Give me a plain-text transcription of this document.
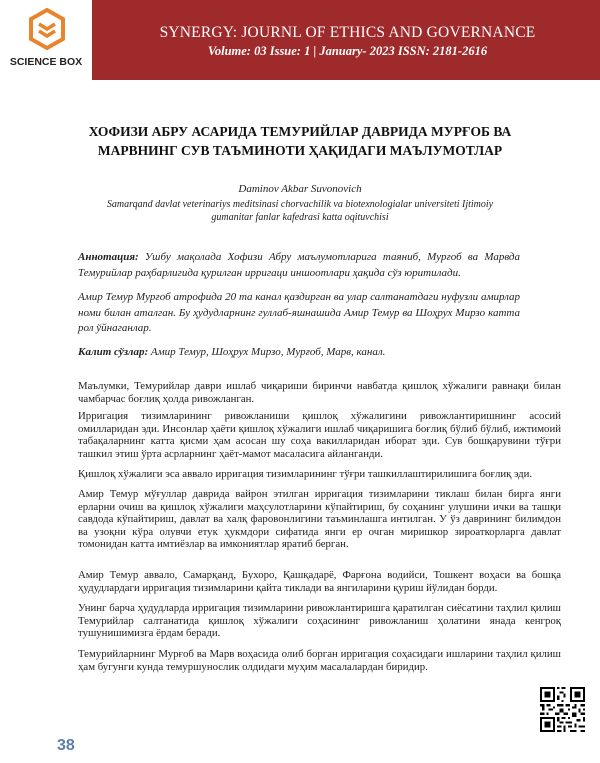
SCIENCE BOX
SYNERGY: JOURNL OF ETHICS AND GOVERNANCE
Volume: 03 Issue: 1 | January- 2023 ISSN: 2181-2616
ХОФИЗИ АБРУ АСАРИДА ТЕМУРИЙЛАР ДАВРИДА МУРҒОБ ВА
МАРВНИНГ СУВ ТАЪМИНОТИ ҲАҚИДАГИ МАЪЛУМОТЛАР
Daminov Akbar Suvonovich
Samarqand davlat veterinariys meditsinasi chorvachilik va biotexnologialar universiteti Ijtimoiy
gumanitar fanlar kafedrasi katta oqituvchisi

Аннотация: Ушбу мақолада Хофизи Абру маълумотларига таяниб, Мурғоб ва Марвда Темурийлар раҳбарлигида қурилган ирригаци иншоотлари ҳақида сўз юритилади.

Амир Темур Мурғоб атрофида 20 та канал қаздирган ва улар салтанатдаги нуфузли амирлар номи билан аталган. Бу ҳудудларнинг гуллаб-яшнашида Амир Темур ва Шоҳрух Мирзо катта рол ўйнаганлар.

Калит сўзлар: Амир Темур, Шоҳрух Мирзо, Мурғоб, Марв, канал.

Маълумки, Темурийлар даври ишлаб чиқариши биринчи навбатда қишлоқ хўжалиги равнақи билан чамбарчас боғлиқ ҳолда ривожланган.

Ирригация тизимларининг ривожланиши қишлоқ хўжалигини ривожлантиришнинг асосий омилларидан эди. Инсонлар ҳаёти қишлоқ хўжалиги ишлаб чиқаришига боғлиқ бўлиб бўлиб, ижтимоий табақаларнинг катта қисми ҳам асосан шу соҳа вакилларидан иборат эди. Сув бошқарувини тўғри ташкил этиш ўрта асрларнинг ҳаёт-мамот масаласига айланганди.

Қишлоқ хўжалиги эса аввало ирригация тизимларининг тўғри ташкиллаштирилишига боғлиқ эди.

Амир Темур мўғуллар даврида вайрон этилган ирригация тизимларини тиклаш билан бирга янги ерларни очиш ва қишлоқ хўжалиги маҳсулотларини кўпайтириш, бу соҳанинг улушини ички ва ташқи савдода кўпайтириш, давлат ва халқ фаровонлигини таъминлашга интилган. У ўз даврининг билимдон ва узоқни кўра олувчи етук ҳукмдори сифатида янги ер очган миришкор зироаткорларга давлат томонидан катта имтиёзлар ва имкониятлар яратиб берган.

Амир Темур аввало, Самарқанд, Бухоро, Қашқадарё, Фарғона водийси, Тошкент воҳаси ва бошқа ҳудудлардаги ирригация тизимларини қайта тиклади ва янгиларини қуриш йўлидан борди.

Унинг барча ҳудудларда ирригация тизимларини ривожлантиришга қаратилган сиёсатини таҳлил қилиш Темурийлар салтанатида қишлоқ хўжалиги соҳасининг ривожланиш ҳолатини янада кенгроқ тушунишимизга ёрдам беради.

Темурийларнинг Мурғоб ва Марв воҳасида олиб борган ирригация соҳасидаги ишларини таҳлил қилиш ҳам бугунги кунда темуршунослик олдидаги муҳим масалалардан биридир.

38
